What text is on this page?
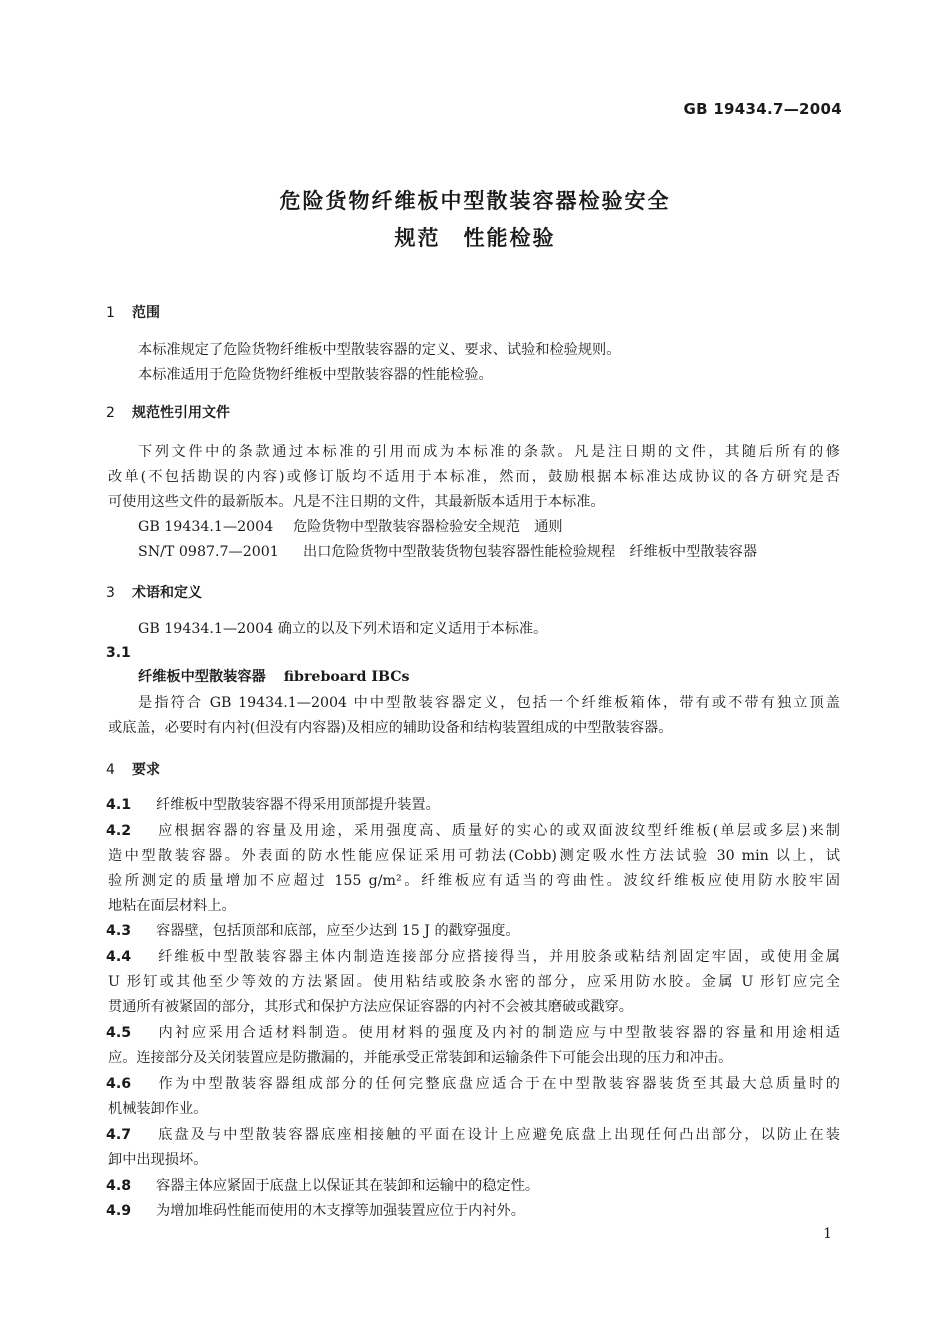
GB 19434.7—2004
危险货物纤维板中型散装容器检验安全
规范　性能检验
1 范围
本标准规定了危险货物纤维板中型散装容器的定义、要求、试验和检验规则。
本标准适用于危险货物纤维板中型散装容器的性能检验。
2 规范性引用文件
下列文件中的条款通过本标准的引用而成为本标准的条款。凡是注日期的文件，其随后所有的修
改单(不包括勘误的内容)或修订版均不适用于本标准，然而，鼓励根据本标准达成协议的各方研究是否
可使用这些文件的最新版本。凡是不注日期的文件，其最新版本适用于本标准。
GB 19434.1—2004 危险货物中型散装容器检验安全规范　通则
SN/T 0987.7—2001 出口危险货物中型散装货物包装容器性能检验规程　纤维板中型散装容器
3 术语和定义
GB 19434.1—2004 确立的以及下列术语和定义适用于本标准。
3.1
纤维板中型散装容器 fibreboard IBCs
是指符合 GB 19434.1—2004 中中型散装容器定义，包括一个纤维板箱体，带有或不带有独立顶盖
或底盖，必要时有内衬(但没有内容器)及相应的辅助设备和结构装置组成的中型散装容器。
4 要求
4.1 纤维板中型散装容器不得采用顶部提升装置。
4.2 应根据容器的容量及用途，采用强度高、质量好的实心的或双面波纹型纤维板(单层或多层)来制
造中型散装容器。外表面的防水性能应保证采用可勃法(Cobb)测定吸水性方法试验 30 min 以上，试
验所测定的质量增加不应超过 155 g/m²。纤维板应有适当的弯曲性。波纹纤维板应使用防水胶牢固
地粘在面层材料上。
4.3 容器壁，包括顶部和底部，应至少达到 15 J 的戳穿强度。
4.4 纤维板中型散装容器主体内制造连接部分应搭接得当，并用胶条或粘结剂固定牢固，或使用金属
U 形钉或其他至少等效的方法紧固。使用粘结或胶条水密的部分，应采用防水胶。金属 U 形钉应完全
贯通所有被紧固的部分，其形式和保护方法应保证容器的内衬不会被其磨破或戳穿。
4.5 内衬应采用合适材料制造。使用材料的强度及内衬的制造应与中型散装容器的容量和用途相适
应。连接部分及关闭装置应是防撒漏的，并能承受正常装卸和运输条件下可能会出现的压力和冲击。
4.6 作为中型散装容器组成部分的任何完整底盘应适合于在中型散装容器装货至其最大总质量时的
机械装卸作业。
4.7 底盘及与中型散装容器底座相接触的平面在设计上应避免底盘上出现任何凸出部分，以防止在装
卸中出现损坏。
4.8 容器主体应紧固于底盘上以保证其在装卸和运输中的稳定性。
4.9 为增加堆码性能而使用的木支撑等加强装置应位于内衬外。
1
